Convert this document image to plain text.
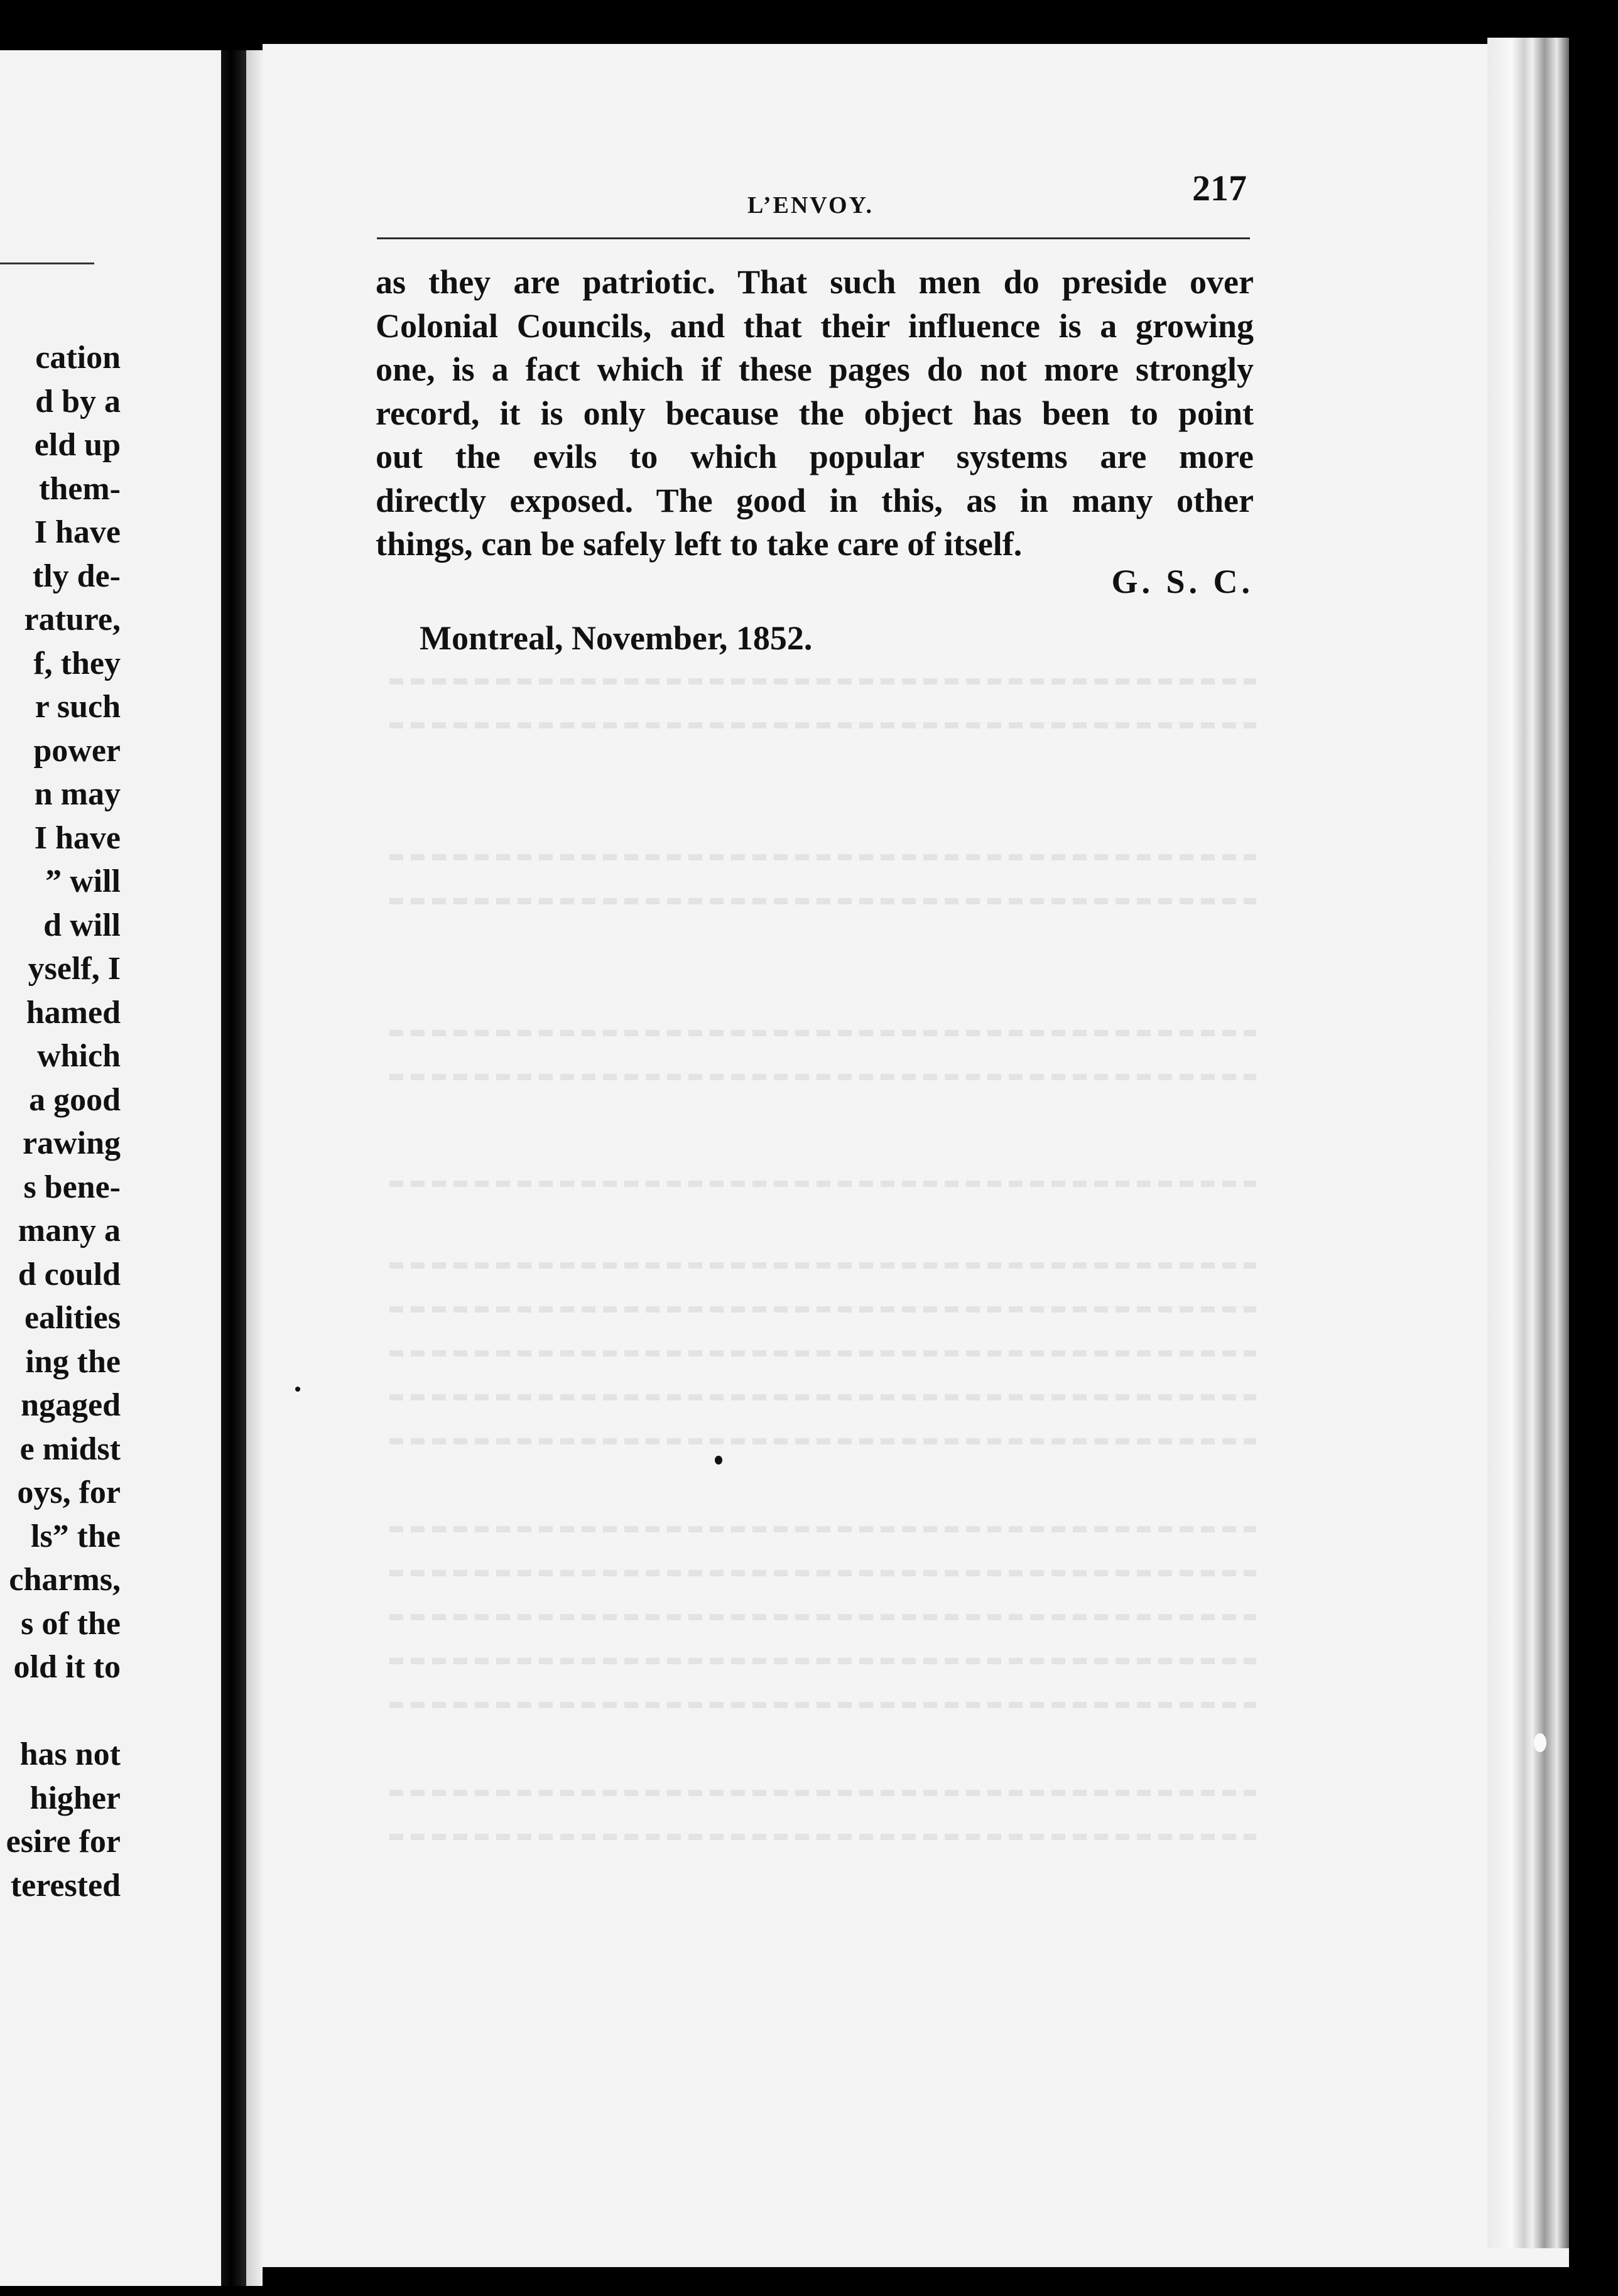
cation
d by a
eld up
them-
I have
tly de-
rature,
f, they
r such
power
n may
I have
” will
d will
yself, I
hamed
which
a good
rawing
s bene-
many a
d could
ealities
ing the
ngaged
e midst
oys, for
ls” the
charms,
s of the
old it to
has not
higher
esire for
terested
L’ENVOY.	217
as they are patriotic. That such men do preside over
Colonial Councils, and that their influence is a growing
one, is a fact which if these pages do not more strongly
record, it is only because the object has been to point
out the evils to which popular systems are more
directly exposed. The good in this, as in many other
things, can be safely left to take care of itself.
G. S. C.
Montreal, November, 1852.
